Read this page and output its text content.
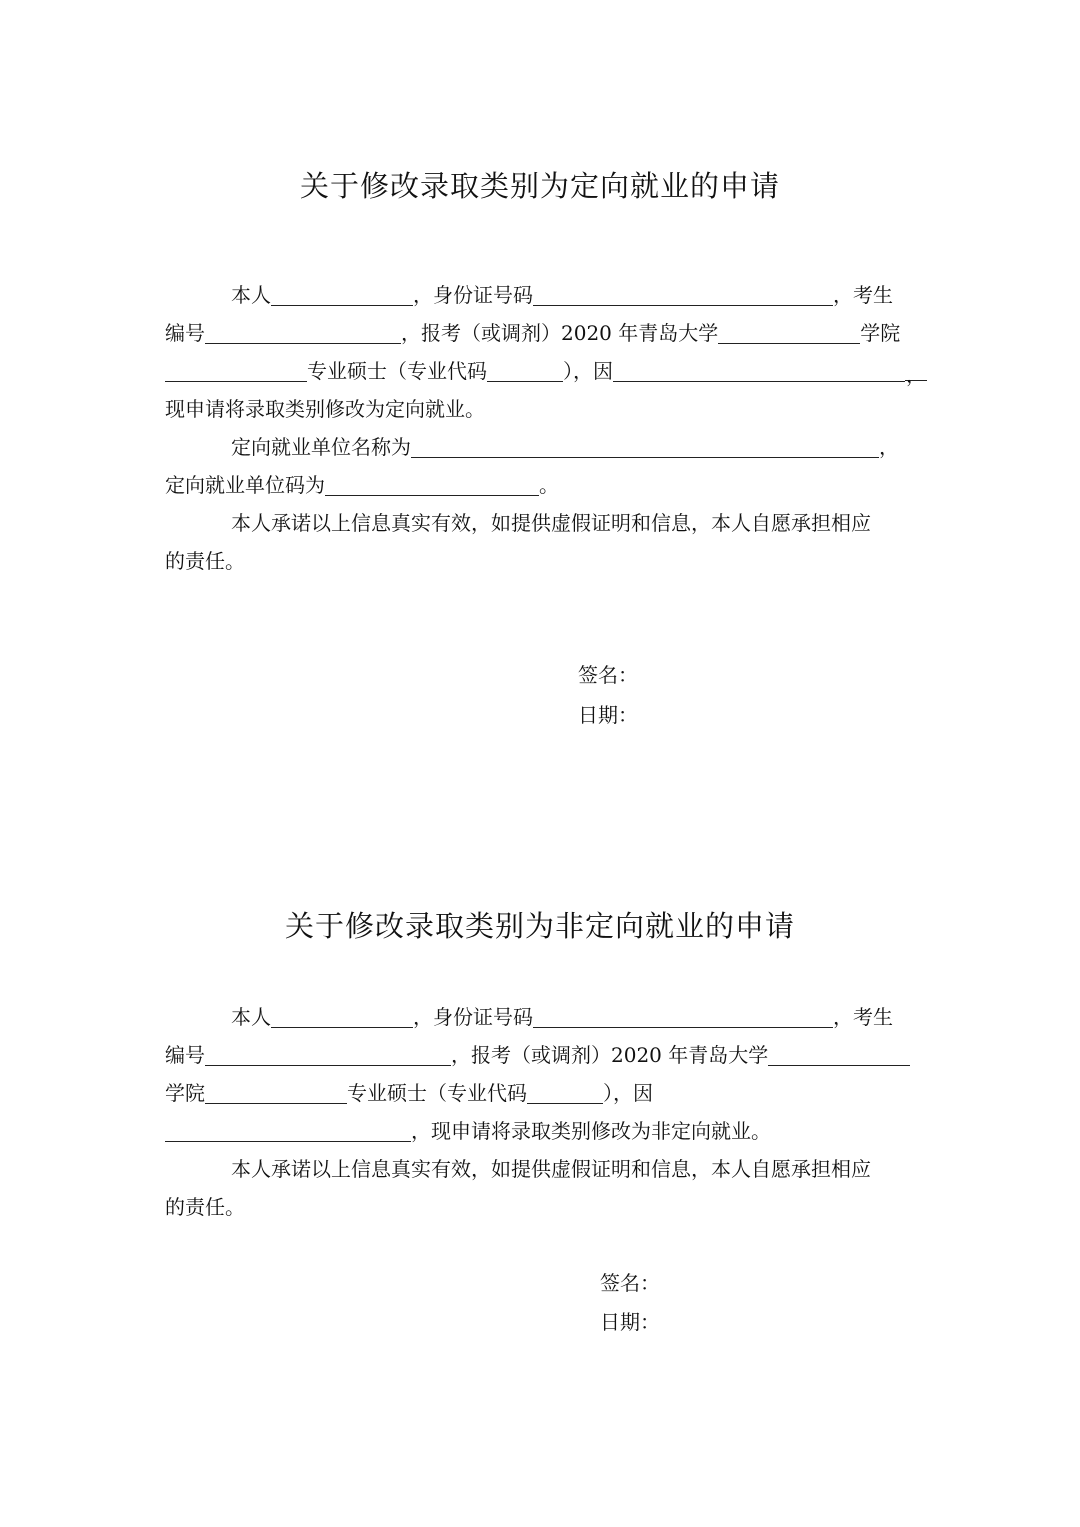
关于修改录取类别为定向就业的申请
本人	，身份证号码	，考生
编号	，报考（或调剂）2020 年青岛大学	学院
专业硕士（专业代码	），因	，
现申请将录取类别修改为定向就业。
定向就业单位名称为	，
定向就业单位码为	。
本人承诺以上信息真实有效，如提供虚假证明和信息，本人自愿承担相应
的责任。
签名：
日期：
关于修改录取类别为非定向就业的申请
本人	，身份证号码	，考生
编号	，报考（或调剂）2020 年青岛大学
学院	专业硕士（专业代码	），因
，现申请将录取类别修改为非定向就业。
本人承诺以上信息真实有效，如提供虚假证明和信息，本人自愿承担相应
的责任。
签名：
日期：
